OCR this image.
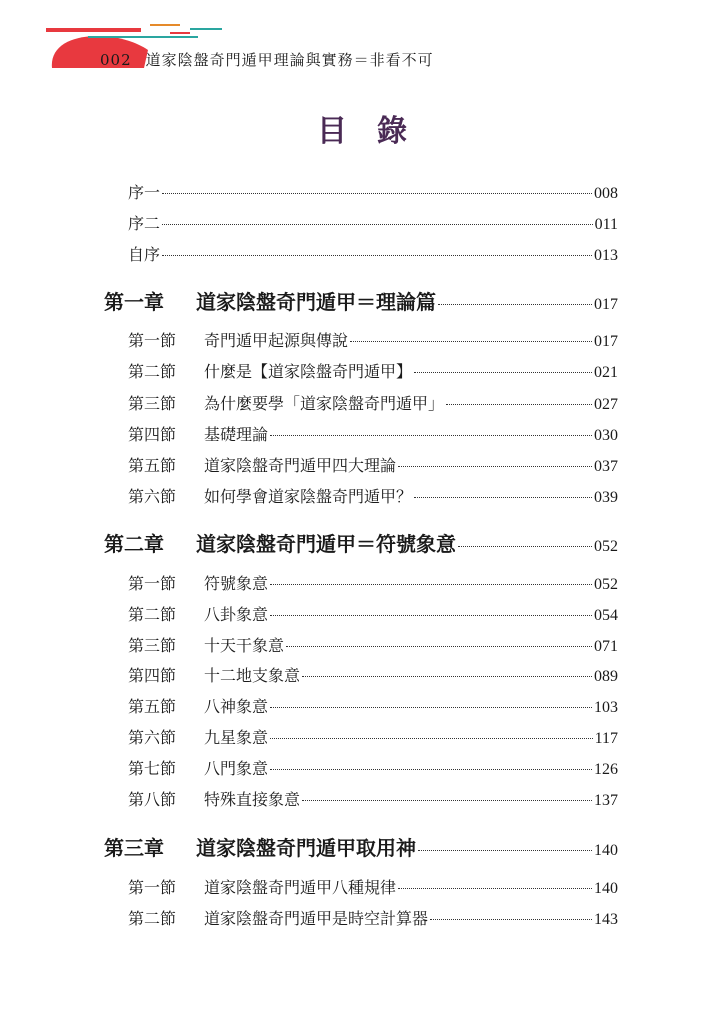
002 道家陰盤奇門遁甲理論與實務＝非看不可
目錄
序一	008
序二	011
自序	013
第一章 道家陰盤奇門遁甲＝理論篇	017
第一節 奇門遁甲起源與傳說	017
第二節 什麼是【道家陰盤奇門遁甲】	021
第三節 為什麼要學「道家陰盤奇門遁甲」	027
第四節 基礎理論	030
第五節 道家陰盤奇門遁甲四大理論	037
第六節 如何學會道家陰盤奇門遁甲？	039
第二章 道家陰盤奇門遁甲＝符號象意	052
第一節 符號象意	052
第二節 八卦象意	054
第三節 十天干象意	071
第四節 十二地支象意	089
第五節 八神象意	103
第六節 九星象意	117
第七節 八門象意	126
第八節 特殊直接象意	137
第三章 道家陰盤奇門遁甲取用神	140
第一節 道家陰盤奇門遁甲八種規律	140
第二節 道家陰盤奇門遁甲是時空計算器	143
